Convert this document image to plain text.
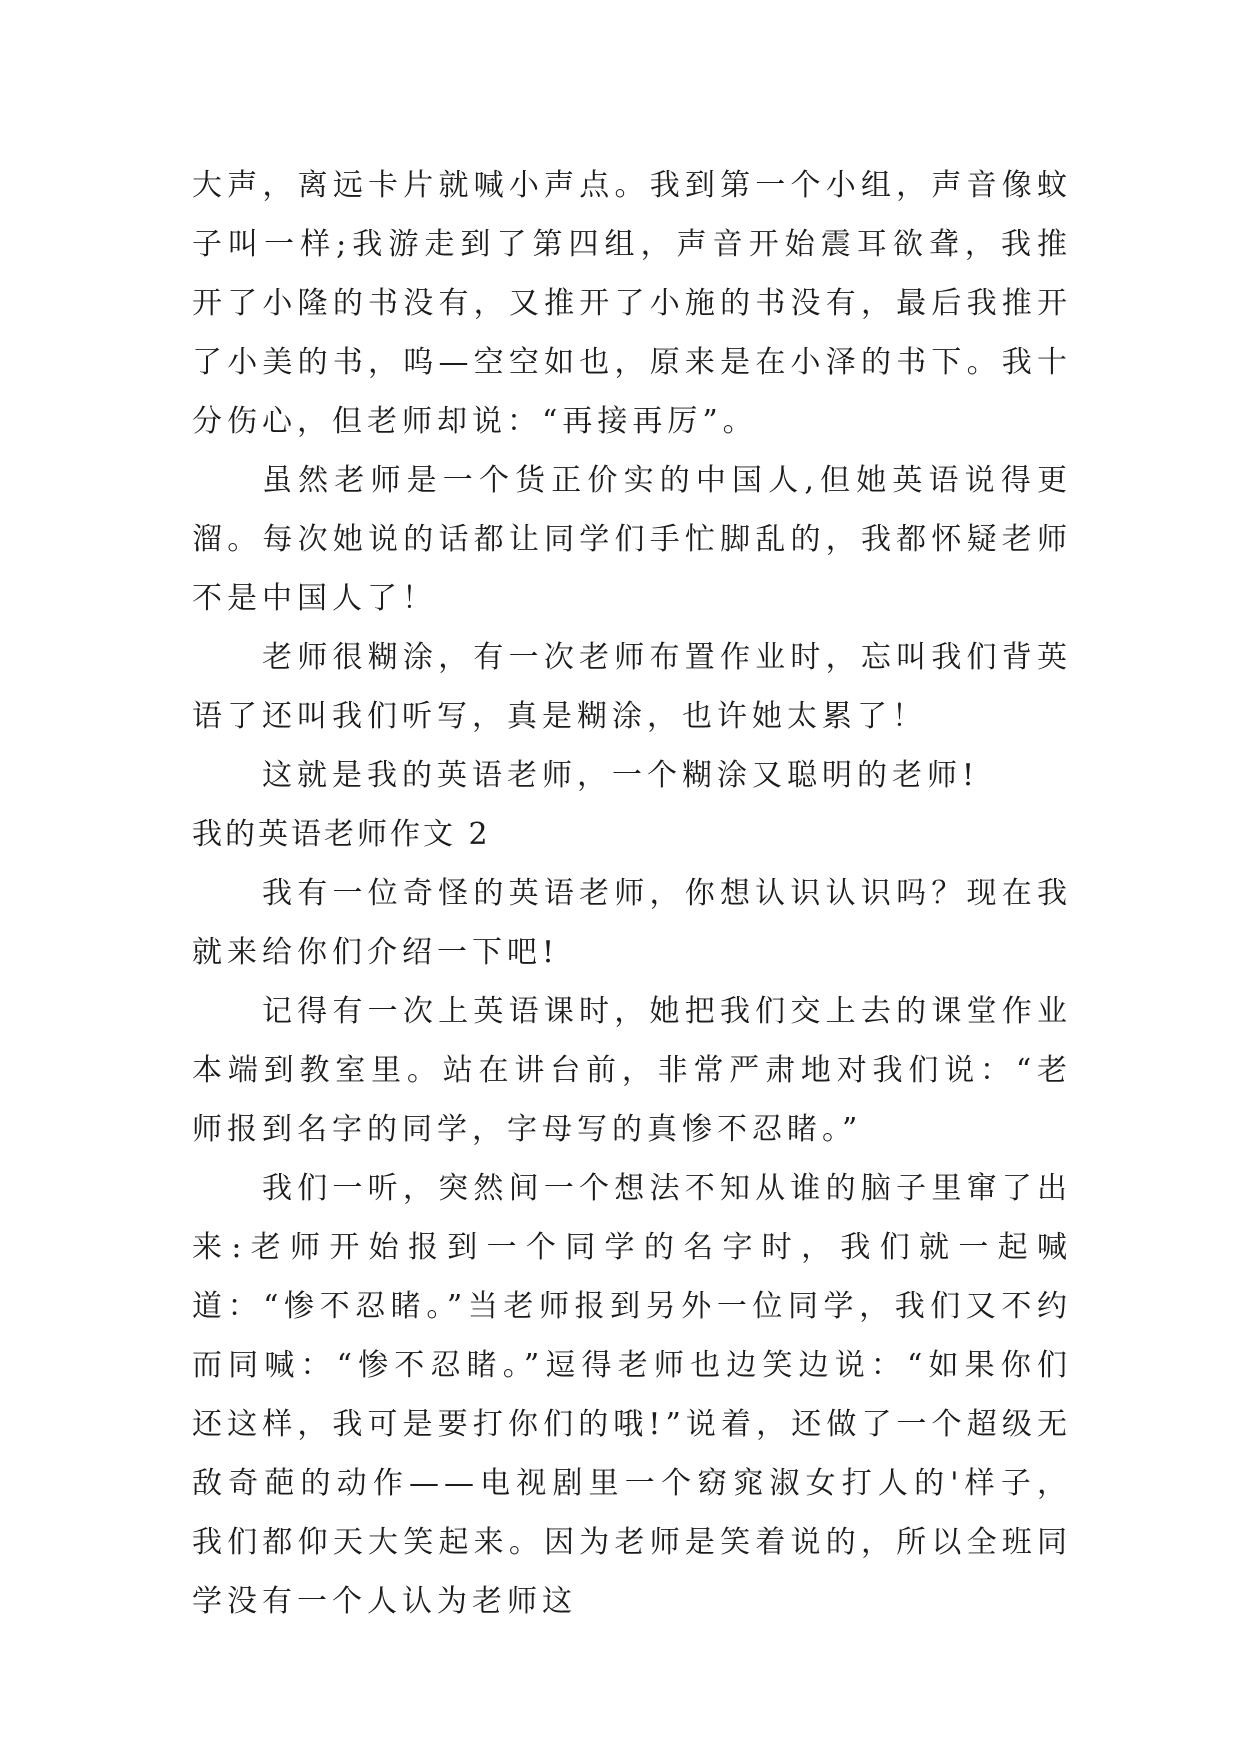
大声，离远卡片就喊小声点。我到第一个小组，声音像蚊子叫一样;我游走到了第四组，声音开始震耳欲聋，我推开了小隆的书没有，又推开了小施的书没有，最后我推开了小美的书，呜—空空如也，原来是在小泽的书下。我十分伤心，但老师却说：“再接再厉”。

虽然老师是一个货正价实的中国人,但她英语说得更溜。每次她说的话都让同学们手忙脚乱的，我都怀疑老师不是中国人了！

老师很糊涂，有一次老师布置作业时，忘叫我们背英语了还叫我们听写，真是糊涂，也许她太累了！

这就是我的英语老师，一个糊涂又聪明的老师!

我的英语老师作文 2

我有一位奇怪的英语老师，你想认识认识吗？现在我就来给你们介绍一下吧!

记得有一次上英语课时，她把我们交上去的课堂作业本端到教室里。站在讲台前，非常严肃地对我们说：“老师报到名字的同学，字母写的真惨不忍睹。”

我们一听，突然间一个想法不知从谁的脑子里窜了出来:老师开始报到一个同学的名字时，我们就一起喊道：“惨不忍睹。”当老师报到另外一位同学，我们又不约而同喊：“惨不忍睹。”逗得老师也边笑边说：“如果你们还这样，我可是要打你们的哦!”说着，还做了一个超级无敌奇葩的动作——电视剧里一个窈窕淑女打人的'样子，我们都仰天大笑起来。因为老师是笑着说的，所以全班同学没有一个人认为老师这
